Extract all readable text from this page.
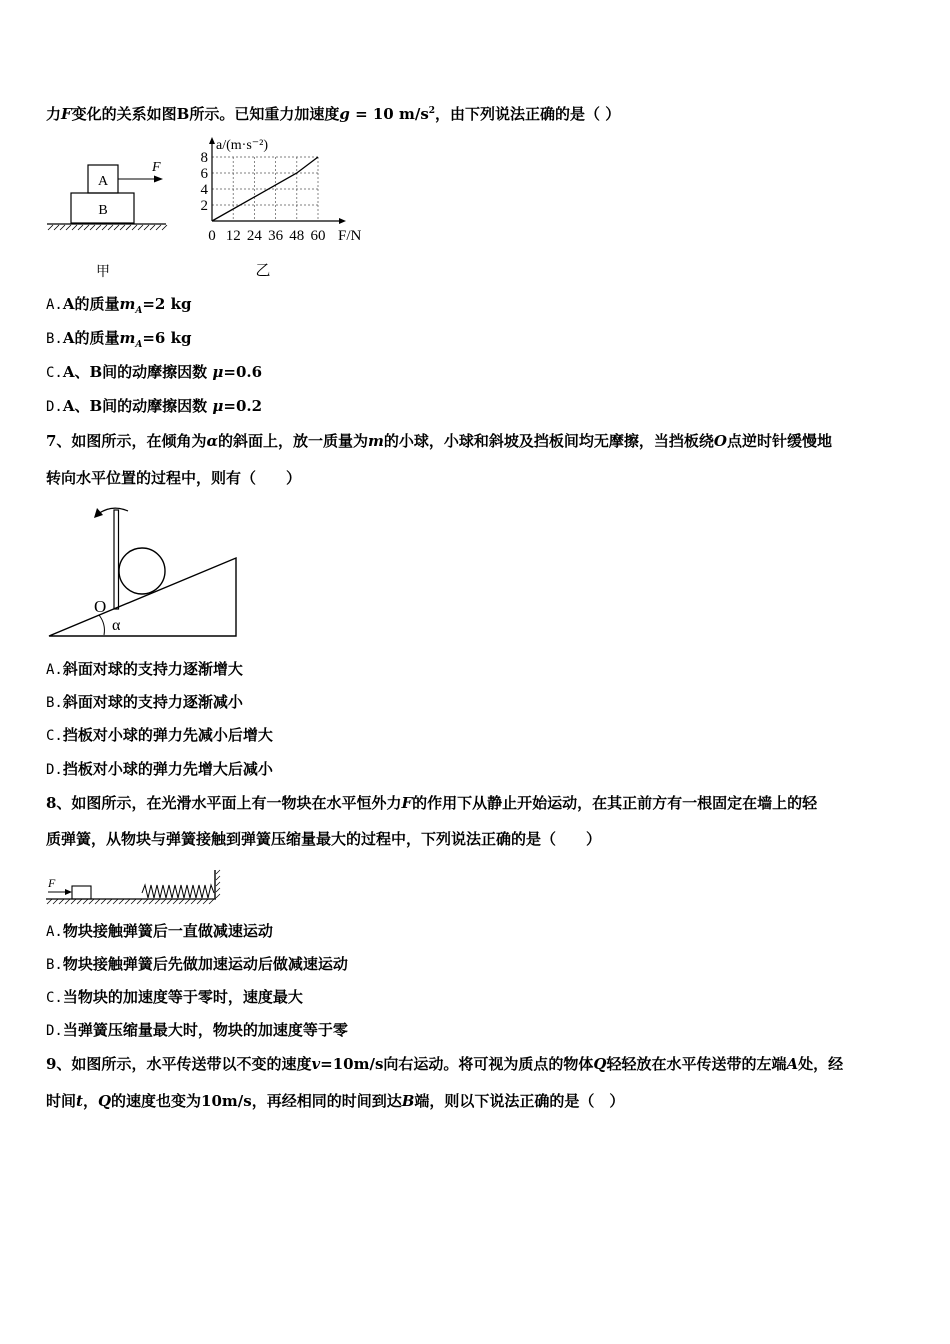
力F变化的关系如图B所示。已知重力加速度g = 10 $m/s^2$，由下列说法正确的是（ ）
A
B
F
甲
0 12 24 36 48 60
2
4
6
8
a/(m·s⁻²)
F/N
乙
A.A的质量$m_A=2$ kg
B.A的质量$m_A=6$ kg
C.A、B间的动摩擦因数 μ=0.6
D.A、B间的动摩擦因数 μ=0.2
7、如图所示，在倾角为α的斜面上，放一质量为m的小球，小球和斜坡及挡板间均无摩擦，当挡板绕O点逆时针缓慢地
转向水平位置的过程中，则有（　　）
O
α
A.斜面对球的支持力逐渐增大
B.斜面对球的支持力逐渐减小
C.挡板对小球的弹力先减小后增大
D.挡板对小球的弹力先增大后减小
8、如图所示，在光滑水平面上有一物块在水平恒外力F的作用下从静止开始运动，在其正前方有一根固定在墙上的轻
质弹簧，从物块与弹簧接触到弹簧压缩量最大的过程中，下列说法正确的是（　　）
F
A.物块接触弹簧后一直做减速运动
B.物块接触弹簧后先做加速运动后做减速运动
C.当物块的加速度等于零时，速度最大
D.当弹簧压缩量最大时，物块的加速度等于零
9、如图所示，水平传送带以不变的速度v=10m/s向右运动。将可视为质点的物体Q轻轻放在水平传送带的左端A处，经
时间t，Q的速度也变为10m/s，再经相同的时间到达B端，则以下说法正确的是（　）
